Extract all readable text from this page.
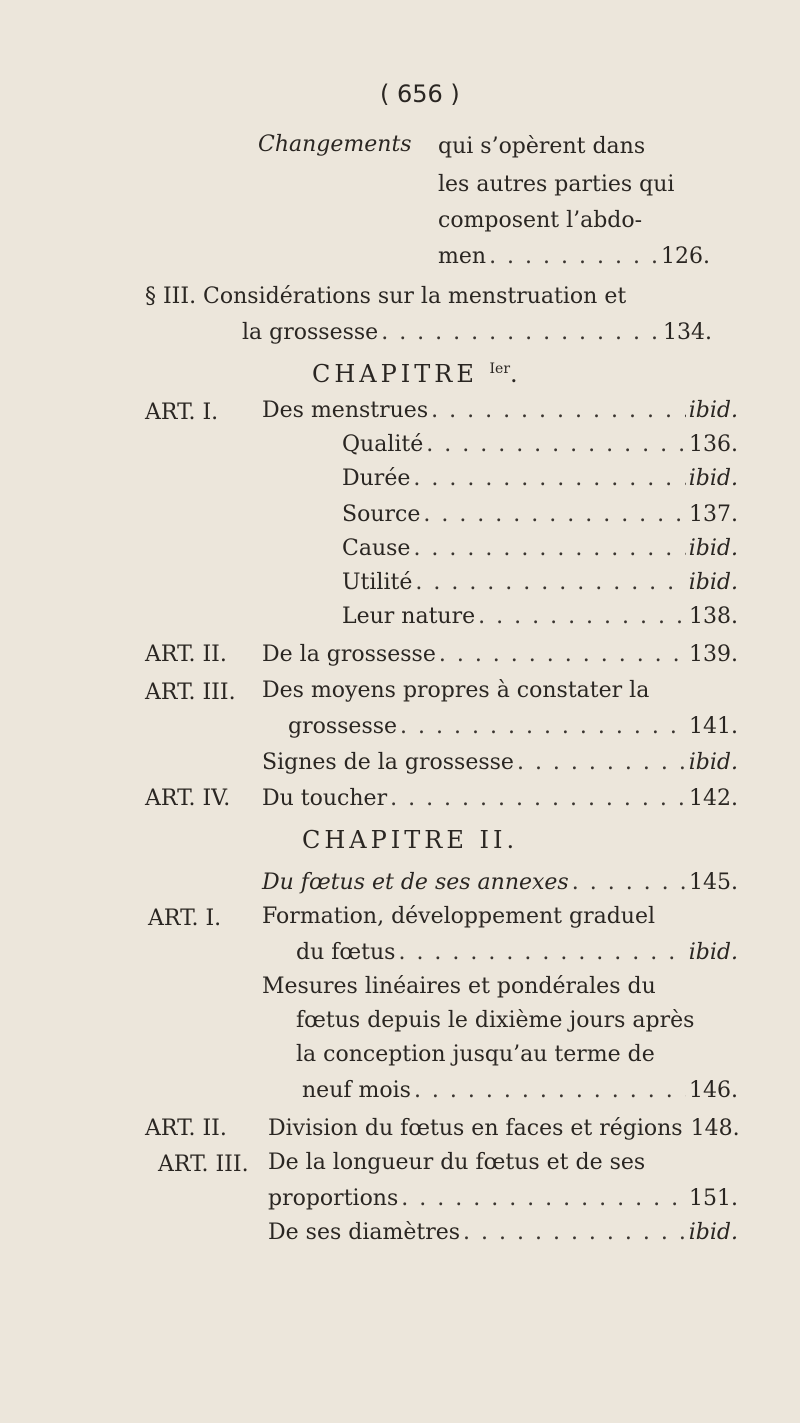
( 656 )
Changements qui s’opèrent dans
les autres parties qui
composent l’abdo-
men . . .	126.
§ III. Considérations sur la menstruation et
la grossesse . . .	134.
CHAPITRE $^{Ier}$.
ART. I. Des menstrues . . .	ibid.
Qualité . . .	136.
Durée . . .	ibid.
Source . . .	137.
Cause . . .	ibid.
Utilité . . .	ibid.
Leur nature . . .	138.
ART. II. De la grossesse . . .	139.
ART. III. Des moyens propres à constater la
grossesse . . .	141.
Signes de la grossesse . . .	ibid.
ART. IV. Du toucher . . .	142.
CHAPITRE II.
Du fœtus et de ses annexes . . .	145.
ART. I. Formation, développement graduel
du fœtus . . .	ibid.
Mesures linéaires et pondérales du
fœtus depuis le dixième jours après
la conception jusqu’au terme de
neuf mois . . .	146.
ART. II. Division du fœtus en faces et régions 148.
ART. III. De la longueur du fœtus et de ses
proportions . . .	151.
De ses diamètres . . .	ibid.
